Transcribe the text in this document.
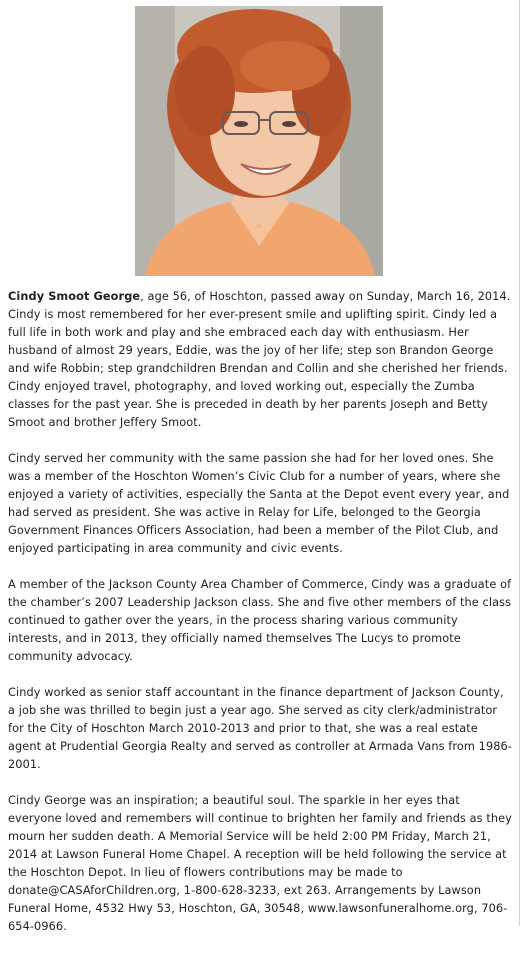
Cindy Smoot George, age 56, of Hoschton, passed away on Sunday, March 16, 2014. Cindy is most remembered for her ever-present smile and uplifting spirit. Cindy led a full life in both work and play and she embraced each day with enthusiasm. Her husband of almost 29 years, Eddie, was the joy of her life; step son Brandon George and wife Robbin; step grandchildren Brendan and Collin and she cherished her friends. Cindy enjoyed travel, photography, and loved working out, especially the Zumba classes for the past year. She is preceded in death by her parents Joseph and Betty Smoot and brother Jeffery Smoot.

Cindy served her community with the same passion she had for her loved ones. She was a member of the Hoschton Women’s Civic Club for a number of years, where she enjoyed a variety of activities, especially the Santa at the Depot event every year, and had served as president. She was active in Relay for Life, belonged to the Georgia Government Finances Officers Association, had been a member of the Pilot Club, and enjoyed participating in area community and civic events.

A member of the Jackson County Area Chamber of Commerce, Cindy was a graduate of the chamber’s 2007 Leadership Jackson class. She and five other members of the class continued to gather over the years, in the process sharing various community interests, and in 2013, they officially named themselves The Lucys to promote community advocacy.

Cindy worked as senior staff accountant in the finance department of Jackson County, a job she was thrilled to begin just a year ago. She served as city clerk/administrator for the City of Hoschton March 2010-2013 and prior to that, she was a real estate agent at Prudential Georgia Realty and served as controller at Armada Vans from 1986-2001.

Cindy George was an inspiration; a beautiful soul. The sparkle in her eyes that everyone loved and remembers will continue to brighten her family and friends as they mourn her sudden death. A Memorial Service will be held 2:00 PM Friday, March 21, 2014 at Lawson Funeral Home Chapel. A reception will be held following the service at the Hoschton Depot. In lieu of flowers contributions may be made to donate@CASAforChildren.org, 1-800-628-3233, ext 263. Arrangements by Lawson Funeral Home, 4532 Hwy 53, Hoschton, GA, 30548, www.lawsonfuneralhome.org, 706-654-0966.
